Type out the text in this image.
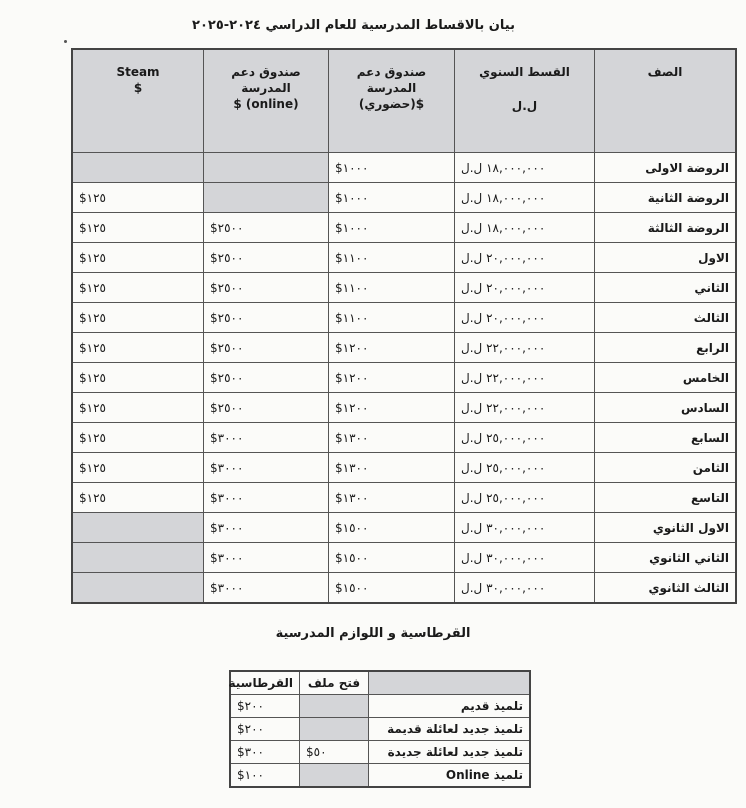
بيان بالاقساط المدرسية للعام الدراسي ٢٠٢٤-٢٠٢٥
Steam
$	صندوق دعم
المدرسة
$ (online)	صندوق دعم
المدرسة
(حضوري)$	القسط السنوي
ل.ل	الصف

		$١٠٠٠	١٨,٠٠٠,٠٠٠ ل.ل	الروضة الاولى
$١٢٥		$١٠٠٠	١٨,٠٠٠,٠٠٠ ل.ل	الروضة الثانية
$١٢٥	$٢٥٠٠	$١٠٠٠	١٨,٠٠٠,٠٠٠ ل.ل	الروضة الثالثة
$١٢٥	$٢٥٠٠	$١١٠٠	٢٠,٠٠٠,٠٠٠ ل.ل	الاول
$١٢٥	$٢٥٠٠	$١١٠٠	٢٠,٠٠٠,٠٠٠ ل.ل	الثاني
$١٢٥	$٢٥٠٠	$١١٠٠	٢٠,٠٠٠,٠٠٠ ل.ل	الثالث
$١٢٥	$٢٥٠٠	$١٢٠٠	٢٢,٠٠٠,٠٠٠ ل.ل	الرابع
$١٢٥	$٢٥٠٠	$١٢٠٠	٢٢,٠٠٠,٠٠٠ ل.ل	الخامس
$١٢٥	$٢٥٠٠	$١٢٠٠	٢٢,٠٠٠,٠٠٠ ل.ل	السادس
$١٢٥	$٣٠٠٠	$١٣٠٠	٢٥,٠٠٠,٠٠٠ ل.ل	السابع
$١٢٥	$٣٠٠٠	$١٣٠٠	٢٥,٠٠٠,٠٠٠ ل.ل	الثامن
$١٢٥	$٣٠٠٠	$١٣٠٠	٢٥,٠٠٠,٠٠٠ ل.ل	التاسع
	$٣٠٠٠	$١٥٠٠	٣٠,٠٠٠,٠٠٠ ل.ل	الاول الثانوي
	$٣٠٠٠	$١٥٠٠	٣٠,٠٠٠,٠٠٠ ل.ل	الثاني الثانوي
	$٣٠٠٠	$١٥٠٠	٣٠,٠٠٠,٠٠٠ ل.ل	الثالث الثانوي
القرطاسية و اللوازم المدرسية
القرطاسية	فتح ملف	
$٢٠٠		تلميذ قديم
$٢٠٠		تلميذ جديد لعائلة قديمة
$٣٠٠	$٥٠	تلميذ جديد لعائلة جديدة
$١٠٠		تلميذ Online
